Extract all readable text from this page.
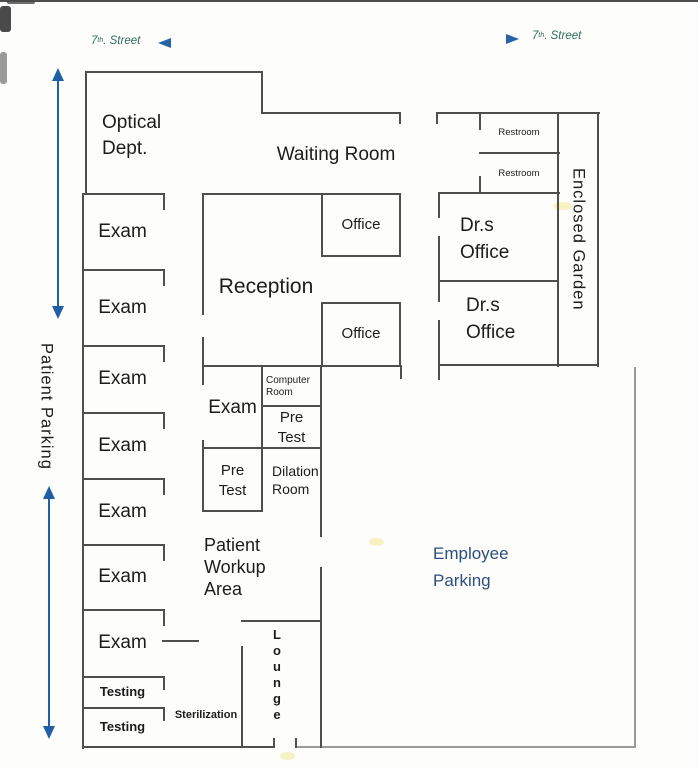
7 th . Street	7 th . Street
Patient Parking
Optical
Dept.	Waiting Room
Exam
Exam
Exam
Exam
Exam
Exam
Exam
Testing
Testing
Reception
Office
Office
Restroom
Restroom	Enclosed Garden
Dr.s
Office
Dr.s
Office
Exam
Computer
Room
Pre
Test
Pre
Test
Dilation
Room
Patient
Workup
Area
L
o
u
n
g
e
Sterilization
Employee
Parking
